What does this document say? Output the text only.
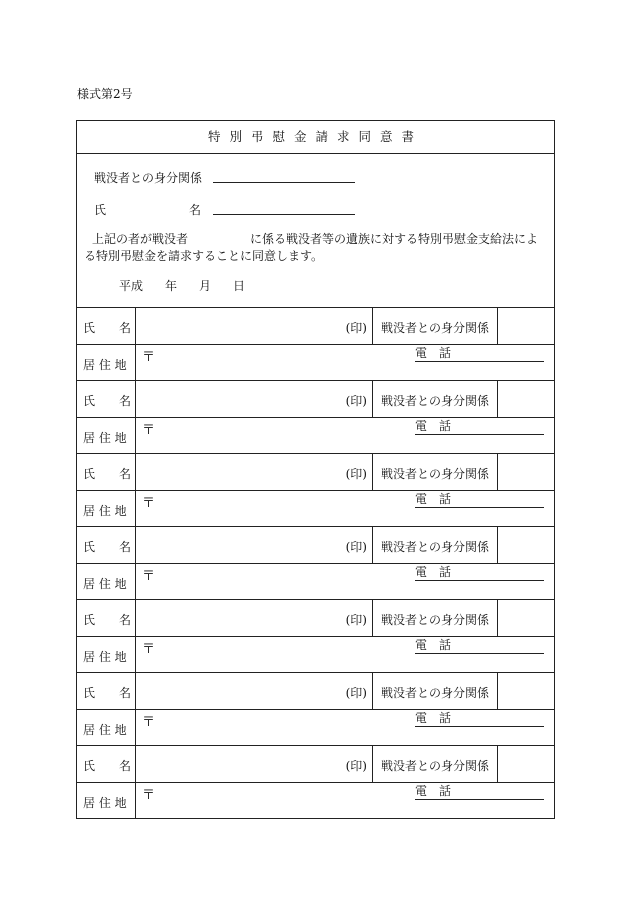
様式第2号
特別弔慰金請求同意書
戦没者との身分関係
氏	名
上記の者が戦没者	に係る戦没者等の遺族に対する特別弔慰金支給法による特別弔慰金を請求することに同意します。
平成 年 月 日
氏　　名	(印) 戦没者との身分関係
居 住 地 〒	電話
氏　　名	(印) 戦没者との身分関係
居 住 地 〒	電話
氏　　名	(印) 戦没者との身分関係
居 住 地 〒	電話
氏　　名	(印) 戦没者との身分関係
居 住 地 〒	電話
氏　　名	(印) 戦没者との身分関係
居 住 地 〒	電話
氏　　名	(印) 戦没者との身分関係
居 住 地 〒	電話
氏　　名	(印) 戦没者との身分関係
居 住 地 〒	電話
